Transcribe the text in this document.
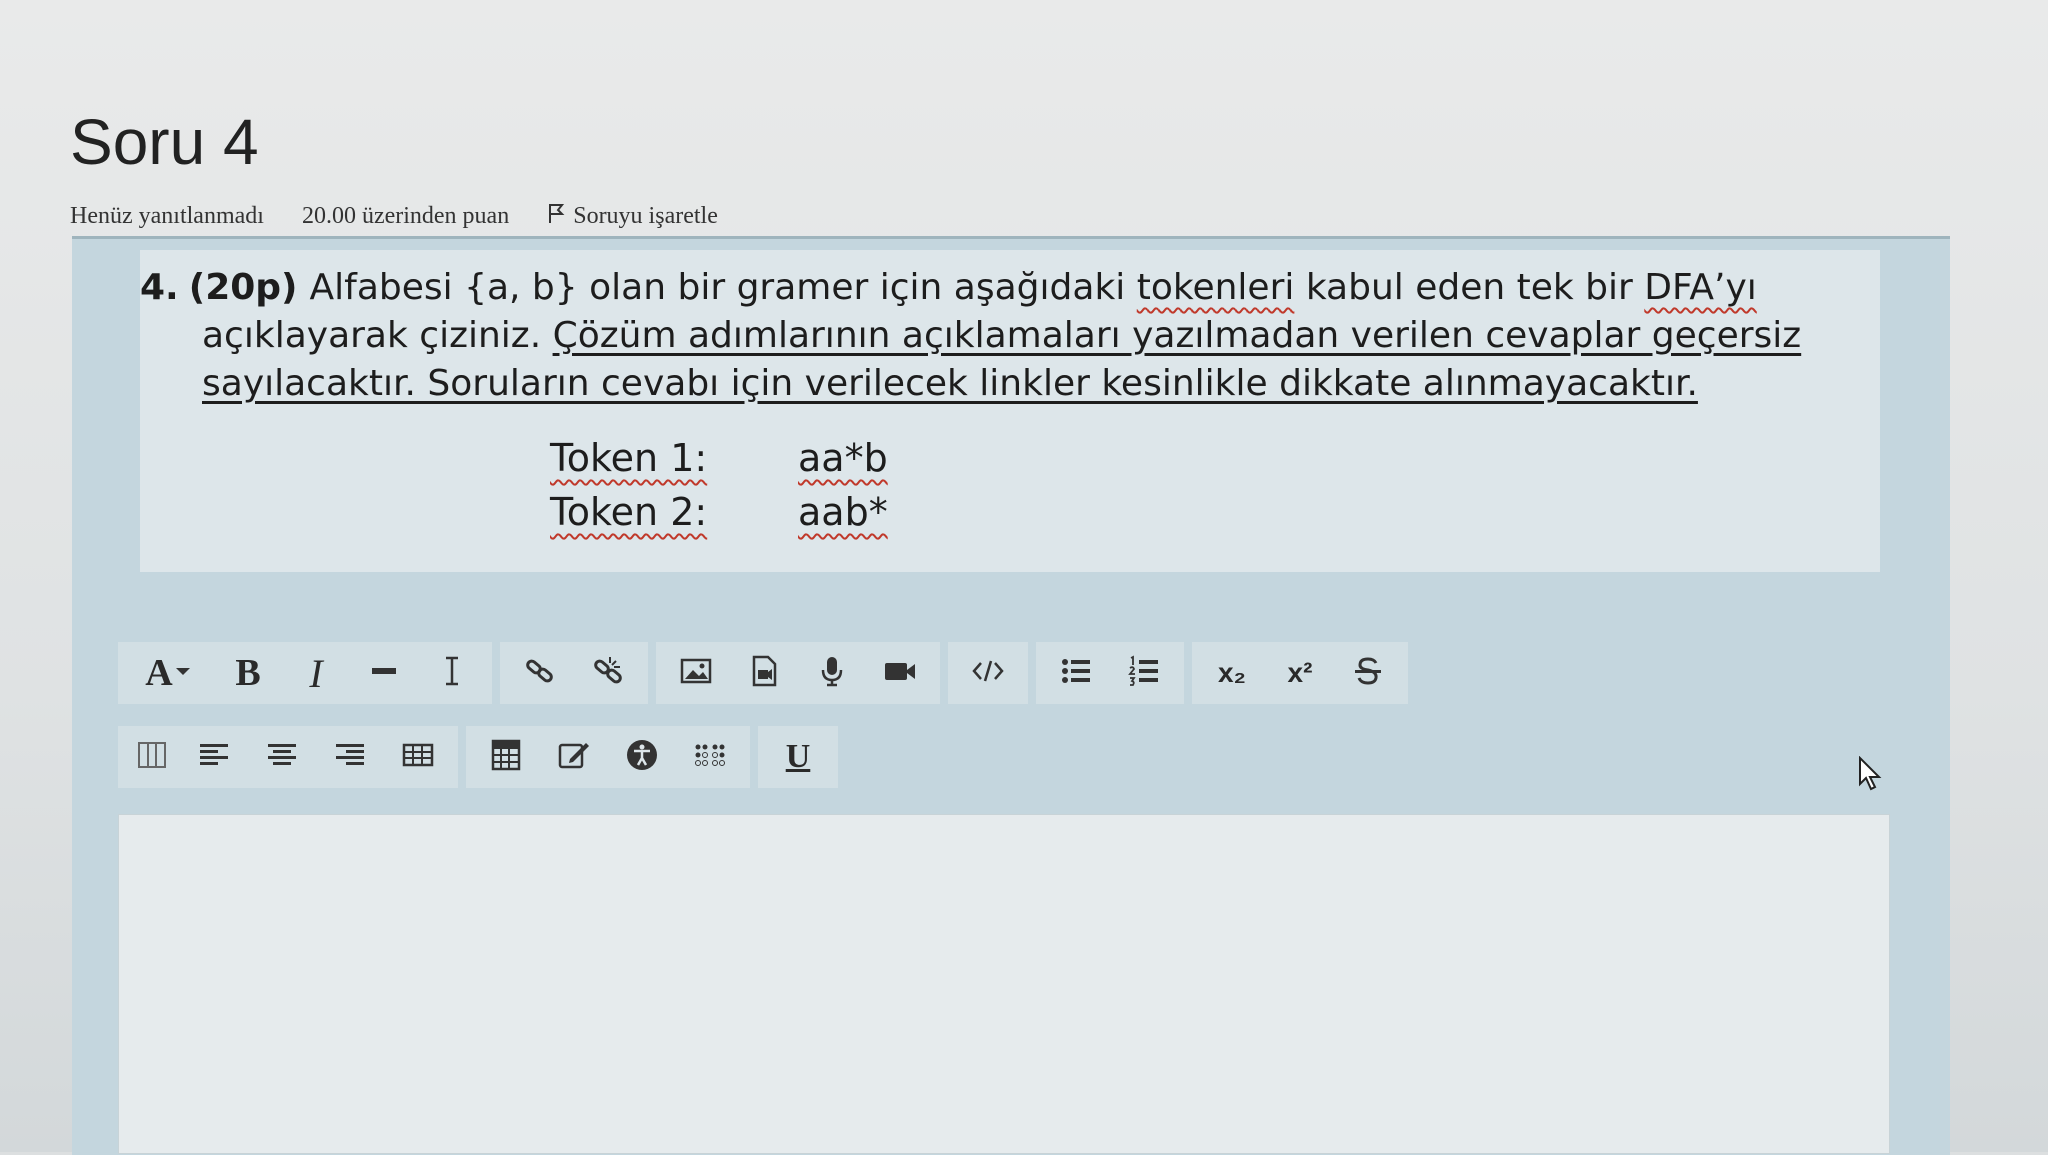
Soru 4
Henüz yanıtlanmadı 20.00 üzerinden puan	Soruyu işaretle
4. (20p) Alfabesi {a, b} olan bir gramer için aşağıdaki tokenleri kabul eden tek bir DFA’yı
açıklayarak çiziniz. Çözüm adımlarının açıklamaları yazılmadan verilen cevaplar geçersiz
sayılacaktır. Soruların cevabı için verilecek linkler kesinlikle dikkate alınmayacaktır.
Token 1: aa*b
Token 2: aab*
A B I	x₂ x²
U
